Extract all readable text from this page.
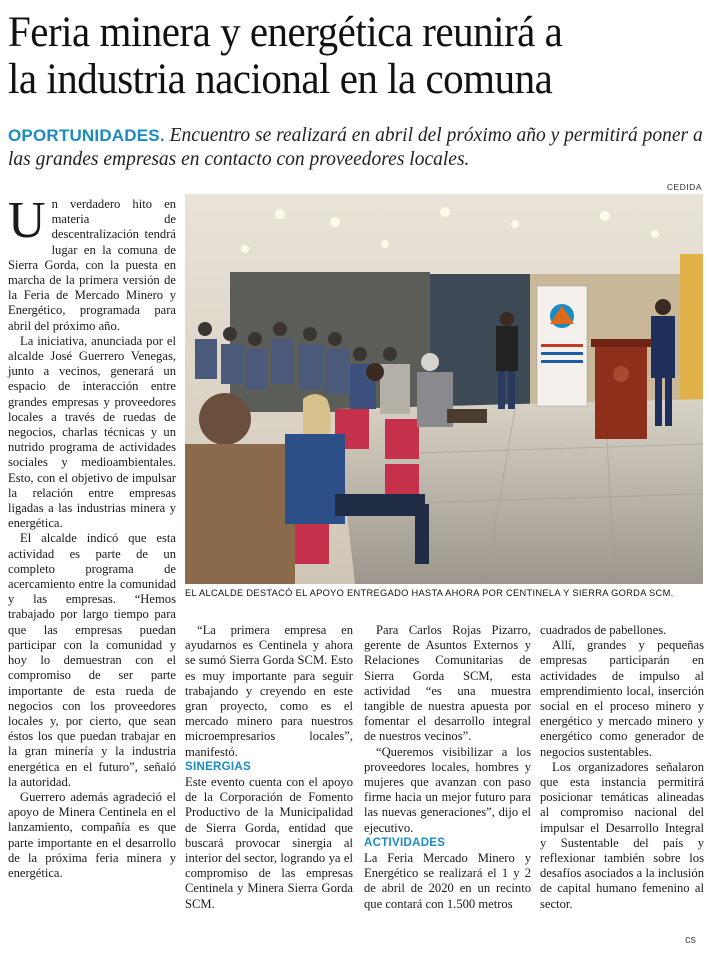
Feria minera y energética reunirá a
la industria nacional en la comuna
OPORTUNIDADES. Encuentro se realizará en abril del próximo año y permitirá poner a las grandes empresas en contacto con proveedores locales.
CEDIDA

Un verdadero hito en materia de descentralización tendrá lugar en la comuna de Sierra Gorda, con la puesta en marcha de la primera versión de la Feria de Mercado Minero y Energético, programada para abril del próximo año.

La iniciativa, anunciada por el alcalde José Guerrero Venegas, junto a vecinos, generará un espacio de interacción entre grandes empresas y proveedores locales a través de ruedas de negocios, charlas técnicas y un nutrido programa de actividades sociales y medioambientales. Esto, con el objetivo de impulsar la relación entre empresas ligadas a las industrias minera y energética.

El alcalde indicó que esta actividad es parte de un completo programa de acercamiento entre la comunidad y las empresas. “Hemos trabajado por largo tiempo para que las empresas puedan participar con la comunidad y hoy lo demuestran con el compromiso de ser parte importante de esta rueda de negocios con los proveedores locales y, por cierto, que sean éstos los que puedan trabajar en la gran minería y la industria energética en el futuro”, señaló la autoridad.

Guerrero además agradeció el apoyo de Minera Centinela en el lanzamiento, compañía es que parte importante en el desarrollo de la próxima feria minera y energética.

EL ALCALDE DESTACÓ EL APOYO ENTREGADO HASTA AHORA POR CENTINELA Y SIERRA GORDA SCM.

“La primera empresa en ayudarnos es Centinela y ahora se sumó Sierra Gorda SCM. Esto es muy importante para seguir trabajando y creyendo en este gran proyecto, como es el mercado minero para nuestros microempresarios locales”, manifestó.

SINERGIAS

Este evento cuenta con el apoyo de la Corporación de Fomento Productivo de la Municipalidad de Sierra Gorda, entidad que buscará provocar sinergia al interior del sector, logrando ya el compromiso de las empresas Centinela y Minera Sierra Gorda SCM.

Para Carlos Rojas Pizarro, gerente de Asuntos Externos y Relaciones Comunitarias de Sierra Gorda SCM, esta actividad “es una muestra tangible de nuestra apuesta por fomentar el desarrollo integral de nuestros vecinos”.

“Queremos visibilizar a los proveedores locales, hombres y mujeres que avanzan con paso firme hacia un mejor futuro para las nuevas generaciones”, dijo el ejecutivo.

ACTIVIDADES

La Feria Mercado Minero y Energético se realizará el 1 y 2 de abril de 2020 en un recinto que contará con 1.500 metros

cuadrados de pabellones.

Allí, grandes y pequeñas empresas participarán en actividades de impulso al emprendimiento local, inserción social en el proceso minero y energético y mercado minero y energético como generador de negocios sustentables.

Los organizadores señalaron que esta instancia permitirá posicionar temáticas alineadas al compromiso nacional del impulsar el Desarrollo Integral y Sustentable del país y reflexionar también sobre los desafíos asociados a la inclusión de capital humano femenino al sector.

cs
